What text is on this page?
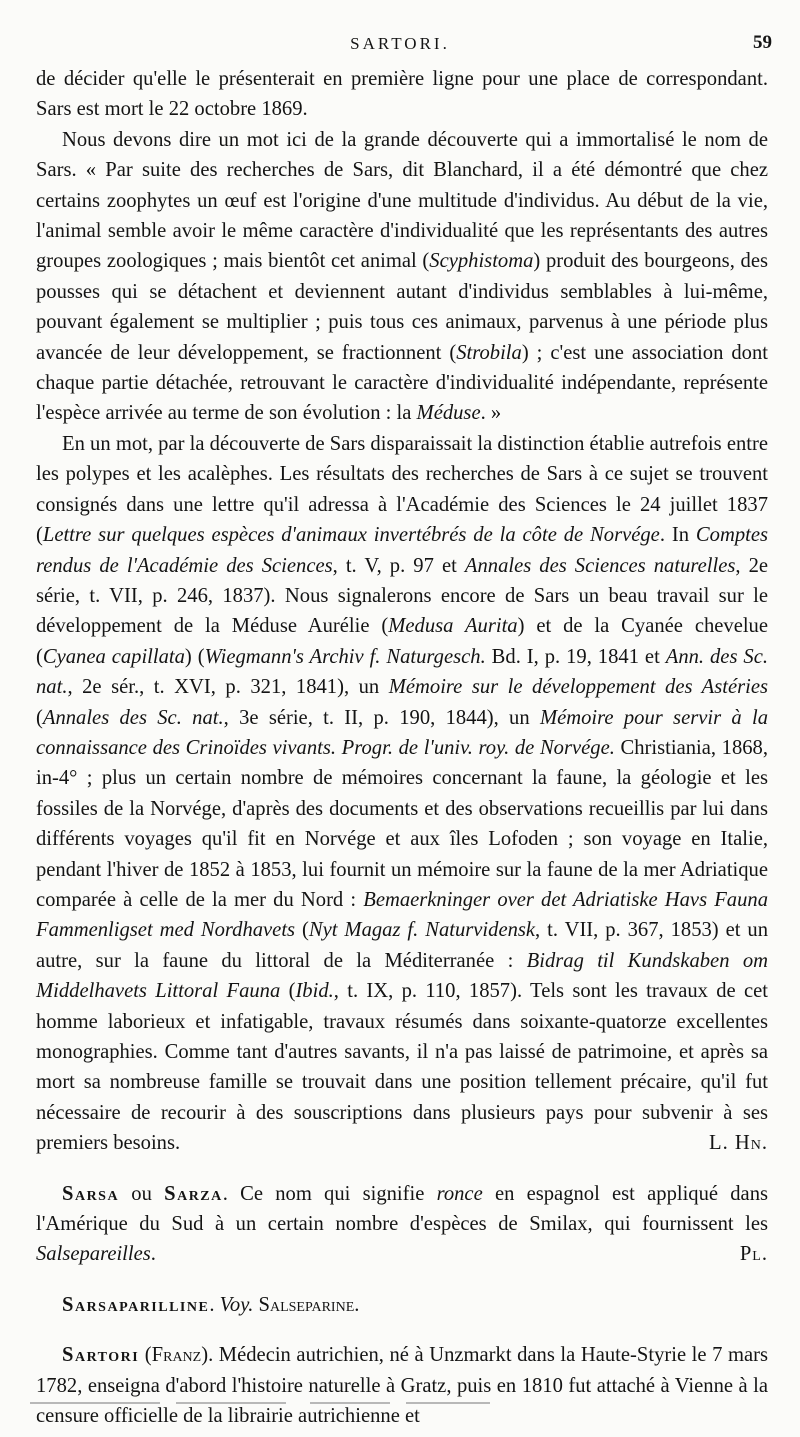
SARTORI.	59

de décider qu'elle le présenterait en première ligne pour une place de correspondant. Sars est mort le 22 octobre 1869.

Nous devons dire un mot ici de la grande découverte qui a immortalisé le nom de Sars. « Par suite des recherches de Sars, dit Blanchard, il a été démontré que chez certains zoophytes un œuf est l'origine d'une multitude d'individus. Au début de la vie, l'animal semble avoir le même caractère d'individualité que les représentants des autres groupes zoologiques ; mais bientôt cet animal (Scyphistoma) produit des bourgeons, des pousses qui se détachent et deviennent autant d'individus semblables à lui-même, pouvant également se multiplier ; puis tous ces animaux, parvenus à une période plus avancée de leur développement, se fractionnent (Strobila) ; c'est une association dont chaque partie détachée, retrouvant le caractère d'individualité indépendante, représente l'espèce arrivée au terme de son évolution : la Méduse. »

En un mot, par la découverte de Sars disparaissait la distinction établie autrefois entre les polypes et les acalèphes. Les résultats des recherches de Sars à ce sujet se trouvent consignés dans une lettre qu'il adressa à l'Académie des Sciences le 24 juillet 1837 (Lettre sur quelques espèces d'animaux invertébrés de la côte de Norvége. In Comptes rendus de l'Académie des Sciences, t. V, p. 97 et Annales des Sciences naturelles, 2e série, t. VII, p. 246, 1837). Nous signalerons encore de Sars un beau travail sur le développement de la Méduse Aurélie (Medusa Aurita) et de la Cyanée chevelue (Cyanea capillata) (Wiegmann's Archiv f. Naturgesch. Bd. I, p. 19, 1841 et Ann. des Sc. nat., 2e sér., t. XVI, p. 321, 1841), un Mémoire sur le développement des Astéries (Annales des Sc. nat., 3e série, t. II, p. 190, 1844), un Mémoire pour servir à la connaissance des Crinoïdes vivants. Progr. de l'univ. roy. de Norvége. Christiania, 1868, in-4° ; plus un certain nombre de mémoires concernant la faune, la géologie et les fossiles de la Norvége, d'après des documents et des observations recueillis par lui dans différents voyages qu'il fit en Norvége et aux îles Lofoden ; son voyage en Italie, pendant l'hiver de 1852 à 1853, lui fournit un mémoire sur la faune de la mer Adriatique comparée à celle de la mer du Nord : Bemaerkninger over det Adriatiske Havs Fauna Fammenligset med Nordhavets (Nyt Magaz f. Naturvidensk, t. VII, p. 367, 1853) et un autre, sur la faune du littoral de la Méditerranée : Bidrag til Kundskaben om Middelhavets Littoral Fauna (Ibid., t. IX, p. 110, 1857). Tels sont les travaux de cet homme laborieux et infatigable, travaux résumés dans soixante-quatorze excellentes monographies. Comme tant d'autres savants, il n'a pas laissé de patrimoine, et après sa mort sa nombreuse famille se trouvait dans une position tellement précaire, qu'il fut nécessaire de recourir à des souscriptions dans plusieurs pays pour subvenir à ses premiers besoins.	L. Hn.

Sarsa ou Sarza. Ce nom qui signifie ronce en espagnol est appliqué dans l'Amérique du Sud à un certain nombre d'espèces de Smilax, qui fournissent les Salsepareilles.	Pl.

Sarsaparilline. Voy. Salseparine.

Sartori (Franz). Médecin autrichien, né à Unzmarkt dans la Haute-Styrie le 7 mars 1782, enseigna d'abord l'histoire naturelle à Gratz, puis en 1810 fut attaché à Vienne à la censure officielle de la librairie autrichienne et
